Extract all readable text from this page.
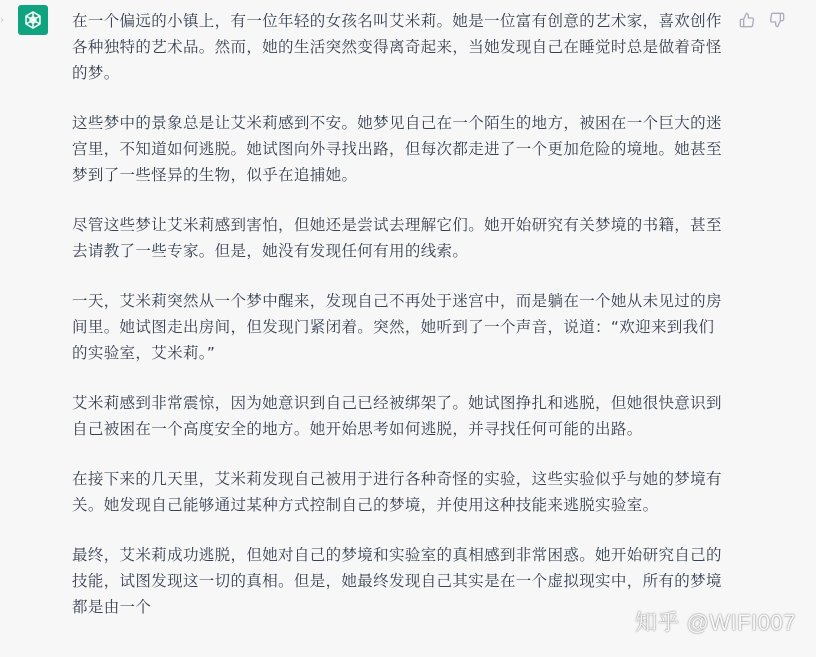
›	在一个偏远的小镇上，有一位年轻的女孩名叫艾米莉。她是一位富有创意的艺术家，喜欢创作各种独特的艺术品。然而，她的生活突然变得离奇起来，当她发现自己在睡觉时总是做着奇怪的梦。

这些梦中的景象总是让艾米莉感到不安。她梦见自己在一个陌生的地方，被困在一个巨大的迷宫里，不知道如何逃脱。她试图向外寻找出路，但每次都走进了一个更加危险的境地。她甚至梦到了一些怪异的生物，似乎在追捕她。

尽管这些梦让艾米莉感到害怕，但她还是尝试去理解它们。她开始研究有关梦境的书籍，甚至去请教了一些专家。但是，她没有发现任何有用的线索。

一天，艾米莉突然从一个梦中醒来，发现自己不再处于迷宫中，而是躺在一个她从未见过的房间里。她试图走出房间，但发现门紧闭着。突然，她听到了一个声音，说道：“欢迎来到我们的实验室，艾米莉。”

艾米莉感到非常震惊，因为她意识到自己已经被绑架了。她试图挣扎和逃脱，但她很快意识到自己被困在一个高度安全的地方。她开始思考如何逃脱，并寻找任何可能的出路。

在接下来的几天里，艾米莉发现自己被用于进行各种奇怪的实验，这些实验似乎与她的梦境有关。她发现自己能够通过某种方式控制自己的梦境，并使用这种技能来逃脱实验室。

最终，艾米莉成功逃脱，但她对自己的梦境和实验室的真相感到非常困惑。她开始研究自己的技能，试图发现这一切的真相。但是，她最终发现自己其实是在一个虚拟现实中，所有的梦境都是由一个

知乎 @WIFI007
